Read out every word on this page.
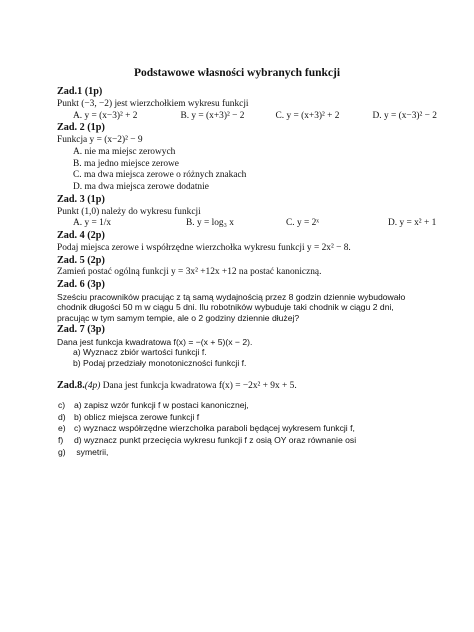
Podstawowe własności wybranych funkcji
Zad.1 (1p)
Punkt (−3, −2) jest wierzchołkiem wykresu funkcji
A. y = (x−3)² + 2	B. y = (x+3)² − 2	C. y = (x+3)² + 2	D. y = (x−3)² − 2
Zad. 2 (1p)
Funkcja y = (x−2)² − 9
A. nie ma miejsc zerowych
B. ma jedno miejsce zerowe
C. ma dwa miejsca zerowe o różnych znakach
D. ma dwa miejsca zerowe dodatnie
Zad. 3 (1p)
Punkt (1,0) należy do wykresu funkcji
A. y = 1/x	B. y = log₃ x	C. y = 2ˣ	D. y = x² + 1
Zad. 4 (2p)
Podaj miejsca zerowe i współrzędne wierzchołka wykresu funkcji y = 2x² − 8.
Zad. 5 (2p)
Zamień postać ogólną funkcji y = 3x² +12x +12 na postać kanoniczną.
Zad. 6 (3p)
Sześciu pracowników pracując z tą samą wydajnością przez 8 godzin dziennie wybudowało
chodnik długości 50 m w ciągu 5 dni. Ilu robotników wybuduje taki chodnik w ciągu 2 dni,
pracując w tym samym tempie, ale o 2 godziny dziennie dłużej?
Zad. 7 (3p)
Dana jest funkcja kwadratowa f(x) = −(x + 5)(x − 2).
a) Wyznacz zbiór wartości funkcji f.
b) Podaj przedziały monotoniczności funkcji f.
Zad.8.(4p) Dana jest funkcja kwadratowa f(x) = −2x² + 9x + 5.
c) a) zapisz wzór funkcji f w postaci kanonicznej,
d) b) oblicz miejsca zerowe funkcji f
e) c) wyznacz współrzędne wierzchołka paraboli będącej wykresem funkcji f,
f) d) wyznacz punkt przecięcia wykresu funkcji f z osią OY oraz równanie osi
g) symetrii,
